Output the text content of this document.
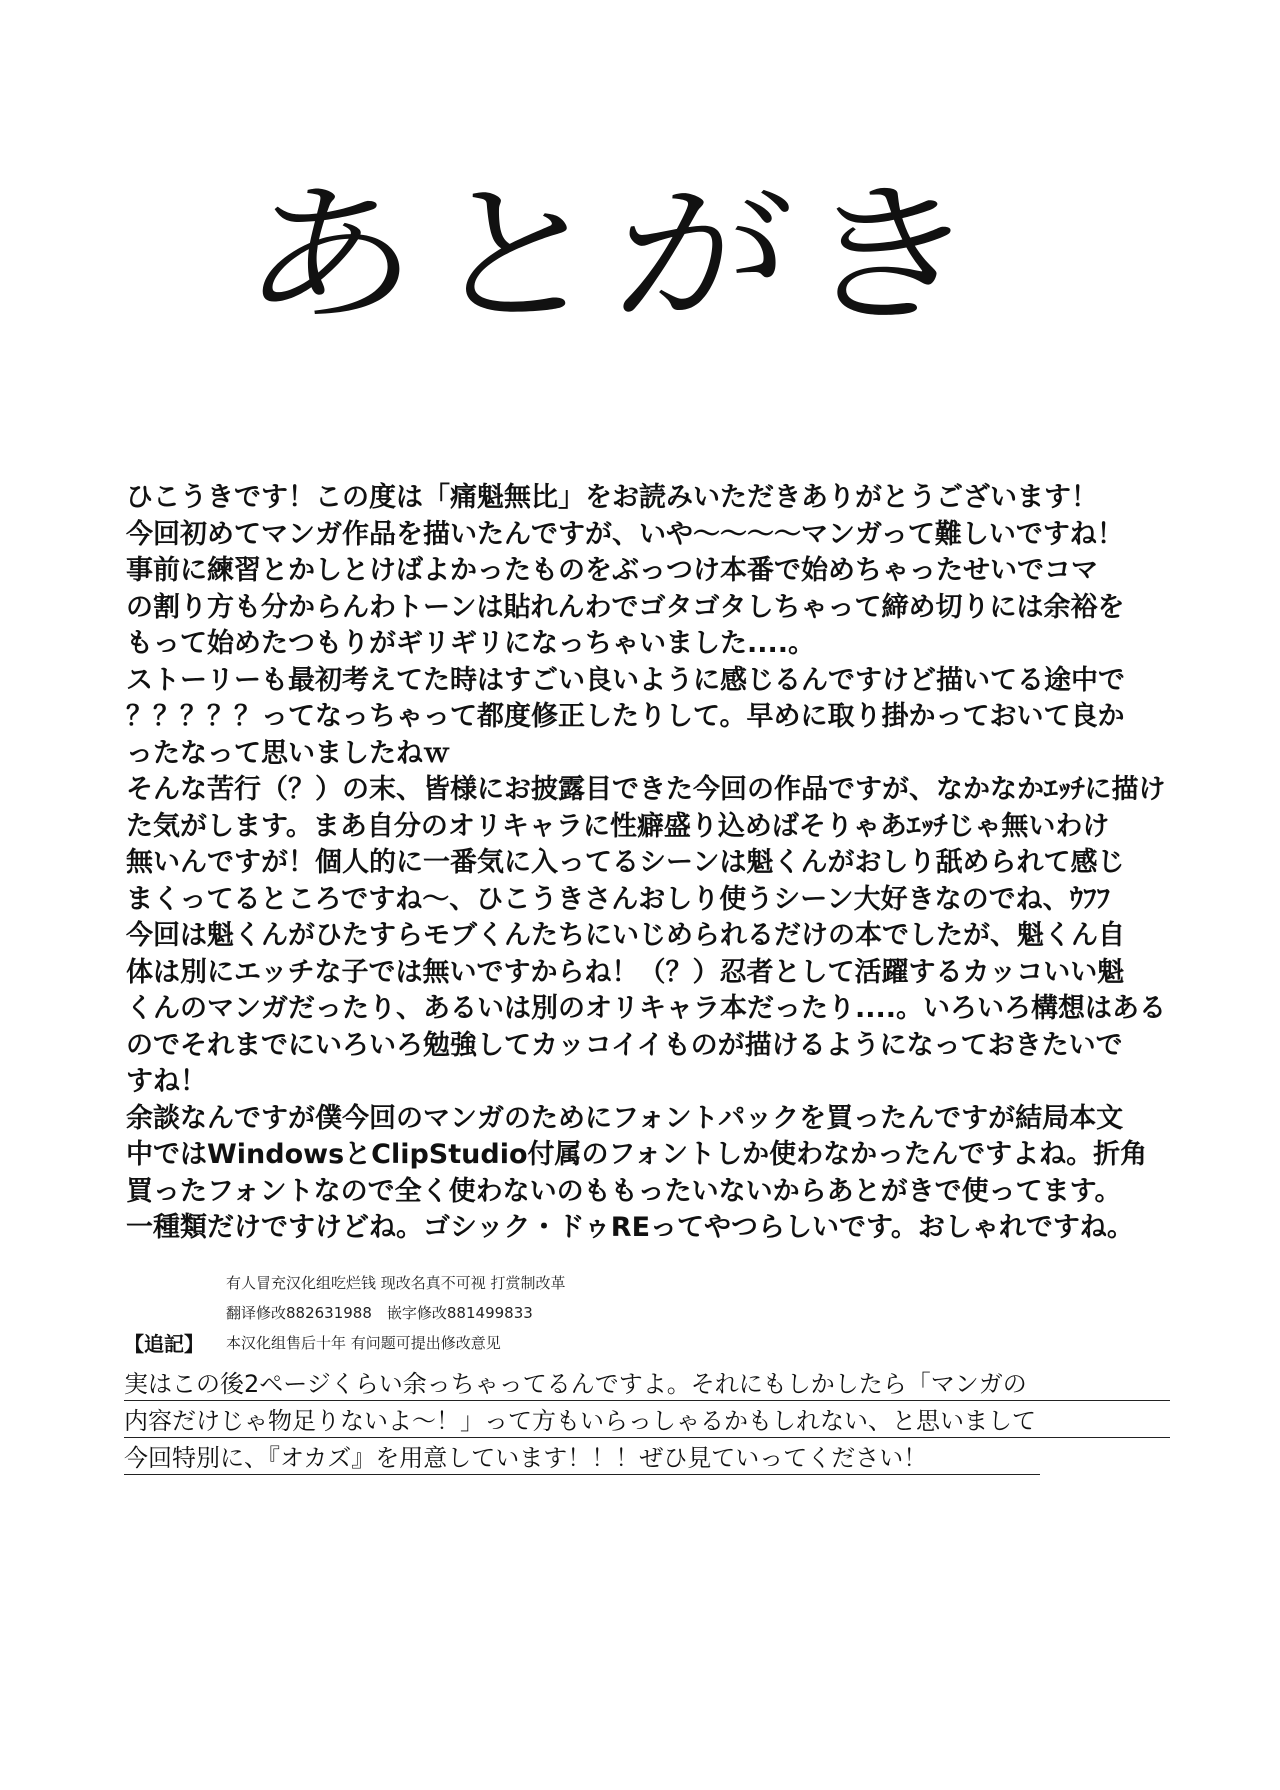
あとがき
ひこうきです！この度は「痛魁無比」をお読みいただきありがとうございます！
今回初めてマンガ作品を描いたんですが、いや～～～～マンガって難しいですね！
事前に練習とかしとけばよかったものをぶっつけ本番で始めちゃったせいでコマ
の割り方も分からんわトーンは貼れんわでゴタゴタしちゃって締め切りには余裕を
もって始めたつもりがギリギリになっちゃいました....。
ストーリーも最初考えてた時はすごい良いように感じるんですけど描いてる途中で
？？？？？ってなっちゃって都度修正したりして。早めに取り掛かっておいて良か
ったなって思いましたねｗ
そんな苦行（？）の末、皆様にお披露目できた今回の作品ですが、なかなかｴｯﾁに描け
た気がします。まあ自分のオリキャラに性癖盛り込めばそりゃあｴｯﾁじゃ無いわけ
無いんですが！個人的に一番気に入ってるシーンは魁くんがおしり舐められて感じ
まくってるところですね～、ひこうきさんおしり使うシーン大好きなのでね、ｳﾌﾌ
今回は魁くんがひたすらモブくんたちにいじめられるだけの本でしたが、魁くん自
体は別にエッチな子では無いですからね！（？）忍者として活躍するカッコいい魁
くんのマンガだったり、あるいは別のオリキャラ本だったり....。いろいろ構想はある
のでそれまでにいろいろ勉強してカッコイイものが描けるようになっておきたいで
すね！
余談なんですが僕今回のマンガのためにフォントパックを買ったんですが結局本文
中ではWindowsとClipStudio付属のフォントしか使わなかったんですよね。折角
買ったフォントなので全く使わないのももったいないからあとがきで使ってます。
一種類だけですけどね。ゴシック・ドゥREってやつらしいです。おしゃれですね。
有人冒充汉化组吃烂钱 现改名真不可视 打赏制改革
翻译修改882631988　嵌字修改881499833
本汉化组售后十年 有问题可提出修改意见
【追記】
実はこの後2ページくらい余っちゃってるんですよ。それにもしかしたら「マンガの
内容だけじゃ物足りないよ～！」って方もいらっしゃるかもしれない、と思いまして
今回特別に、『オカズ』を用意しています！！！ぜひ見ていってください！
